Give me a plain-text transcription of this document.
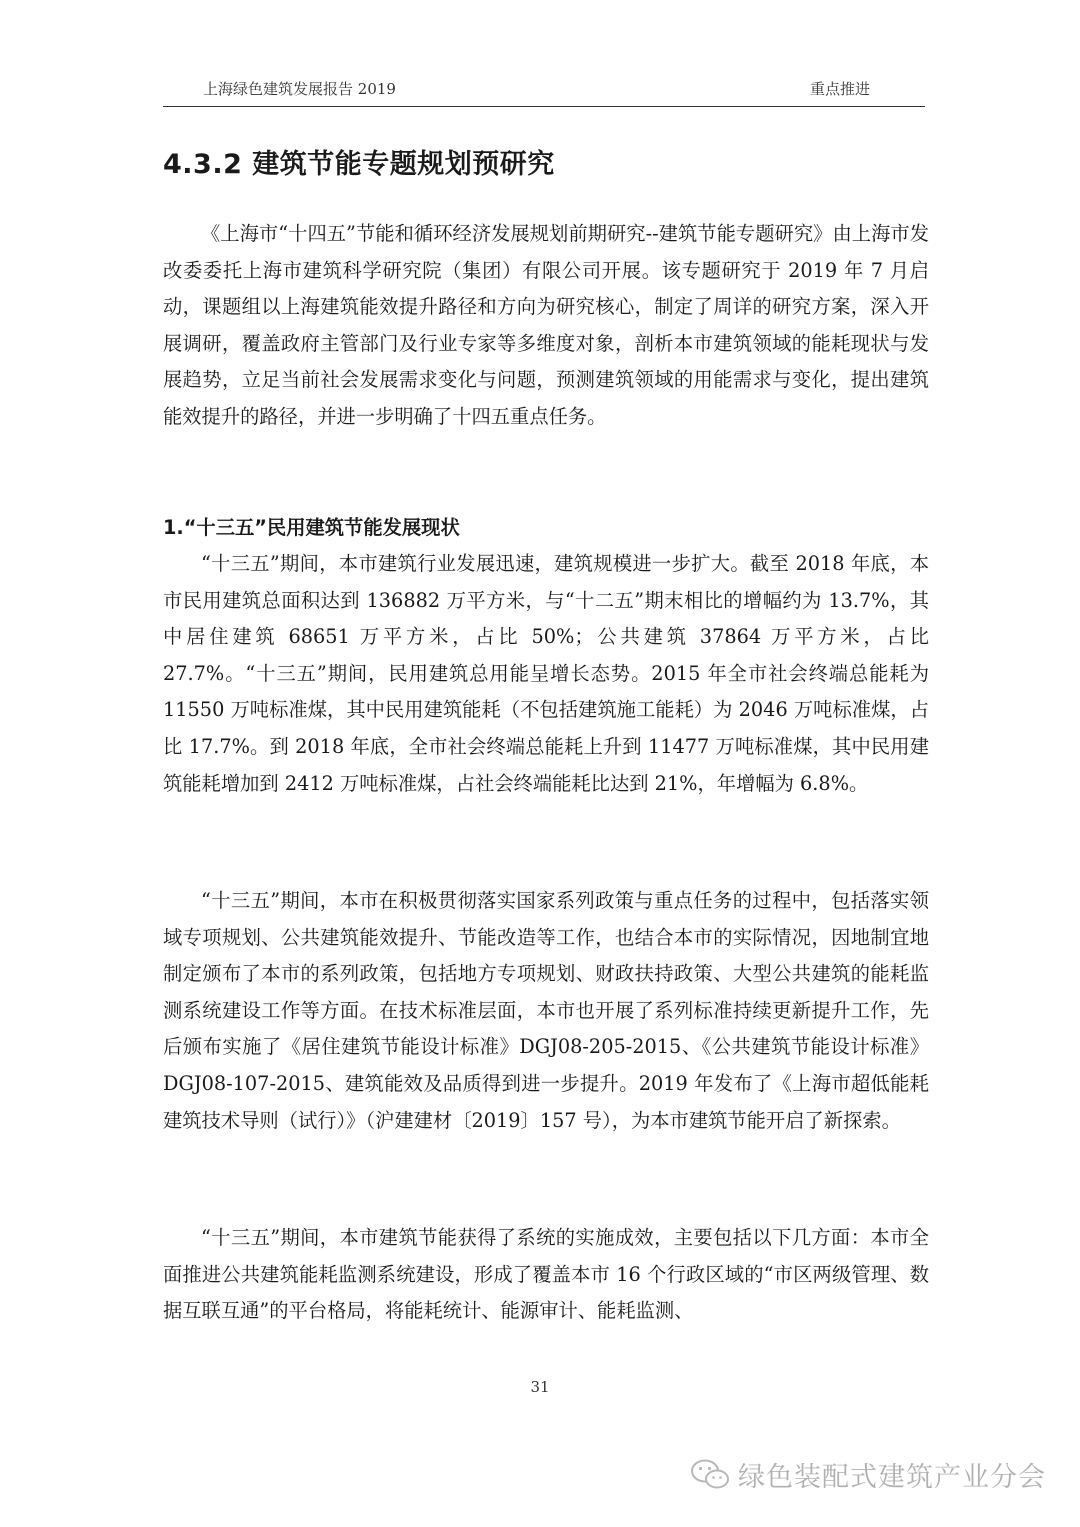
上海绿色建筑发展报告 2019	重点推进
4.3.2 建筑节能专题规划预研究

《上海市“十四五”节能和循环经济发展规划前期研究--建筑节能专题研究》由上海市发改委委托上海市建筑科学研究院（集团）有限公司开展。该专题研究于 2019 年 7 月启动，课题组以上海建筑能效提升路径和方向为研究核心，制定了周详的研究方案，深入开展调研，覆盖政府主管部门及行业专家等多维度对象，剖析本市建筑领域的能耗现状与发展趋势，立足当前社会发展需求变化与问题，预测建筑领域的用能需求与变化，提出建筑能效提升的路径，并进一步明确了十四五重点任务。

1.“十三五”民用建筑节能发展现状

“十三五”期间，本市建筑行业发展迅速，建筑规模进一步扩大。截至 2018 年底，本市民用建筑总面积达到 136882 万平方米，与“十二五”期末相比的增幅约为 13.7%，其中居住建筑 68651 万平方米，占比 50%；公共建筑 37864 万平方米，占比 27.7%。“十三五”期间，民用建筑总用能呈增长态势。2015 年全市社会终端总能耗为 11550 万吨标准煤，其中民用建筑能耗（不包括建筑施工能耗）为 2046 万吨标准煤，占比 17.7%。到 2018 年底，全市社会终端总能耗上升到 11477 万吨标准煤，其中民用建筑能耗增加到 2412 万吨标准煤，占社会终端能耗比达到 21%，年增幅为 6.8%。

“十三五”期间，本市在积极贯彻落实国家系列政策与重点任务的过程中，包括落实领域专项规划、公共建筑能效提升、节能改造等工作，也结合本市的实际情况，因地制宜地制定颁布了本市的系列政策，包括地方专项规划、财政扶持政策、大型公共建筑的能耗监测系统建设工作等方面。在技术标准层面，本市也开展了系列标准持续更新提升工作，先后颁布实施了《居住建筑节能设计标准》DGJ08-205-2015、《公共建筑节能设计标准》DGJ08-107-2015、建筑能效及品质得到进一步提升。2019 年发布了《上海市超低能耗建筑技术导则（试行）》（沪建建材〔2019〕157 号），为本市建筑节能开启了新探索。

“十三五”期间，本市建筑节能获得了系统的实施成效，主要包括以下几方面：本市全面推进公共建筑能耗监测系统建设，形成了覆盖本市 16 个行政区域的“市区两级管理、数据互联互通”的平台格局，将能耗统计、能源审计、能耗监测、

31
绿色装配式建筑产业分会
